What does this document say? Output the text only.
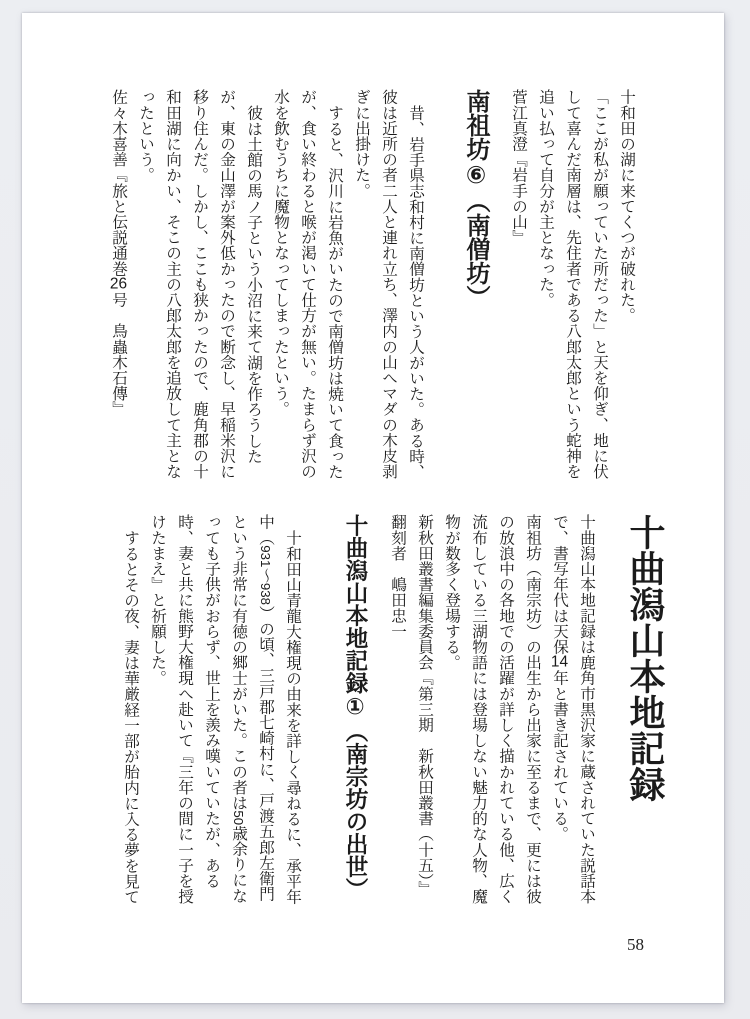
十和田の湖に来てくつが破れた。

「ここが私が願っていた所だった」と天を仰ぎ、地に伏して喜んだ南層は、先住者である八郎太郎という蛇神を追い払って自分が主となった。

菅江真澄『岩手の山』

南祖坊⑥（南僧坊）

昔、岩手県志和村に南僧坊という人がいた。ある時、彼は近所の者二人と連れ立ち、澤内の山へマダの木皮剥ぎに出掛けた。

すると、沢川に岩魚がいたので南僧坊は焼いて食ったが、食い終わると喉が渇いて仕方が無い。たまらず沢の水を飲むうちに魔物となってしまったという。

彼は土館の馬ノ子という小沼に来て湖を作ろうしたが、東の金山澤が案外低かったので断念し、早稲米沢に移り住んだ。しかし、ここも狭かったので、鹿角郡の十和田湖に向かい、そこの主の八郎太郎を追放して主となったという。

佐々木喜善『旅と伝説通巻26号　鳥蟲木石傳』

十曲潟山本地記録

十曲潟山本地記録は鹿角市黒沢家に蔵されていた説話本で、書写年代は天保14年と書き記されている。

南祖坊（南宗坊）の出生から出家に至るまで、更には彼の放浪中の各地での活躍が詳しく描かれている他、広く流布している三湖物語には登場しない魅力的な人物、魔物が数多く登場する。

新秋田叢書編集委員会『第三期　新秋田叢書（十五）』

翻刻者　嶋田忠一

十曲潟山本地記録①（南宗坊の出世）

十和田山青龍大権現の由来を詳しく尋ねるに、承平年中（931～938）の頃、三戸郡七崎村に、戸渡五郎左衛門という非常に有徳の郷士がいた。この者は50歳余りになっても子供がおらず、世上を羨み嘆いていたが、ある時、妻と共に熊野大権現へ赴いて『三年の間に一子を授けたまえ』と祈願した。

するとその夜、妻は華厳経一部が胎内に入る夢を見て

58
